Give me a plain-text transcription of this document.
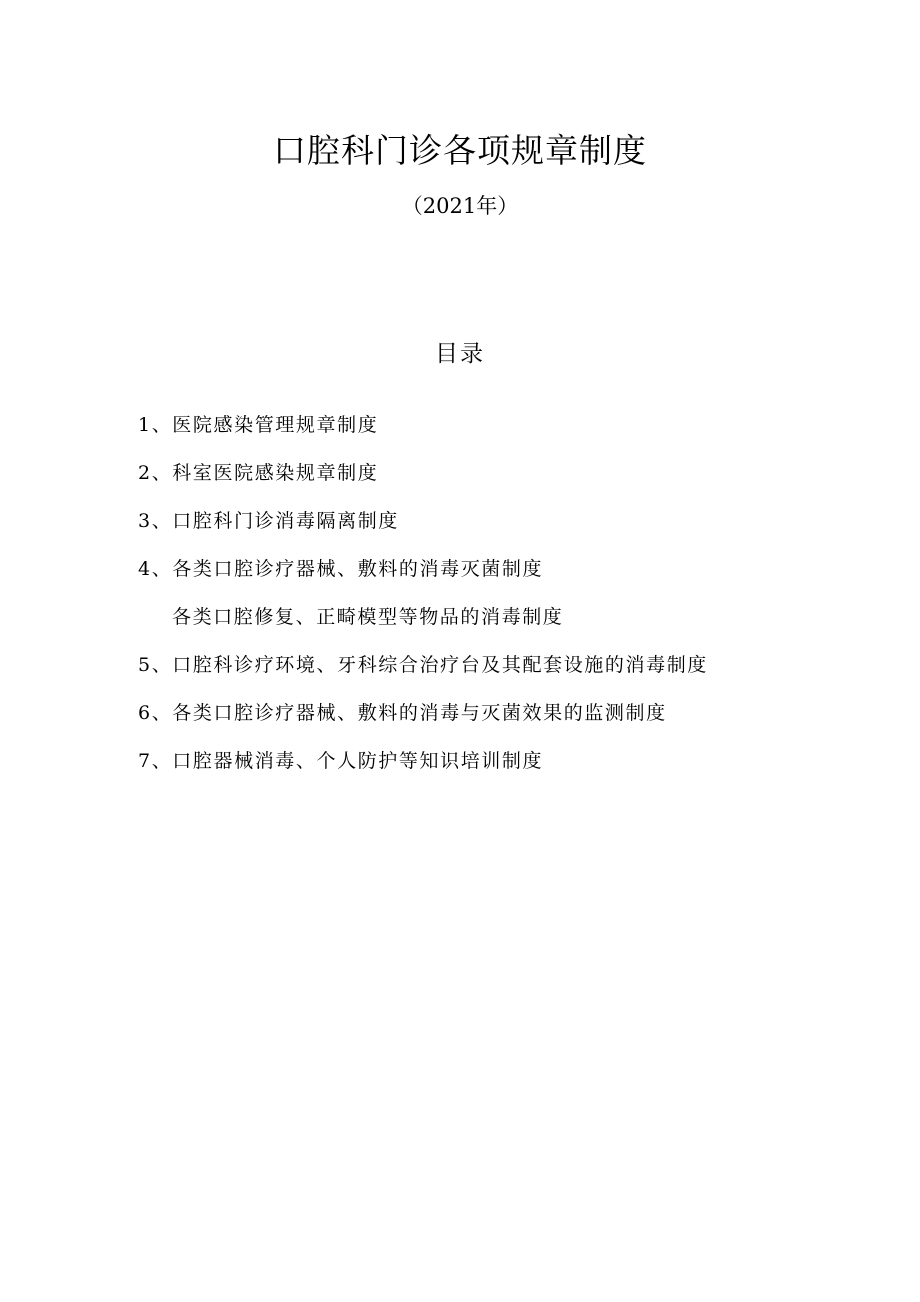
口腔科门诊各项规章制度
（2021年）
目录
1、医院感染管理规章制度
2、科室医院感染规章制度
3、口腔科门诊消毒隔离制度
4、各类口腔诊疗器械、敷料的消毒灭菌制度
各类口腔修复、正畸模型等物品的消毒制度
5、口腔科诊疗环境、牙科综合治疗台及其配套设施的消毒制度
6、各类口腔诊疗器械、敷料的消毒与灭菌效果的监测制度
7、口腔器械消毒、个人防护等知识培训制度
